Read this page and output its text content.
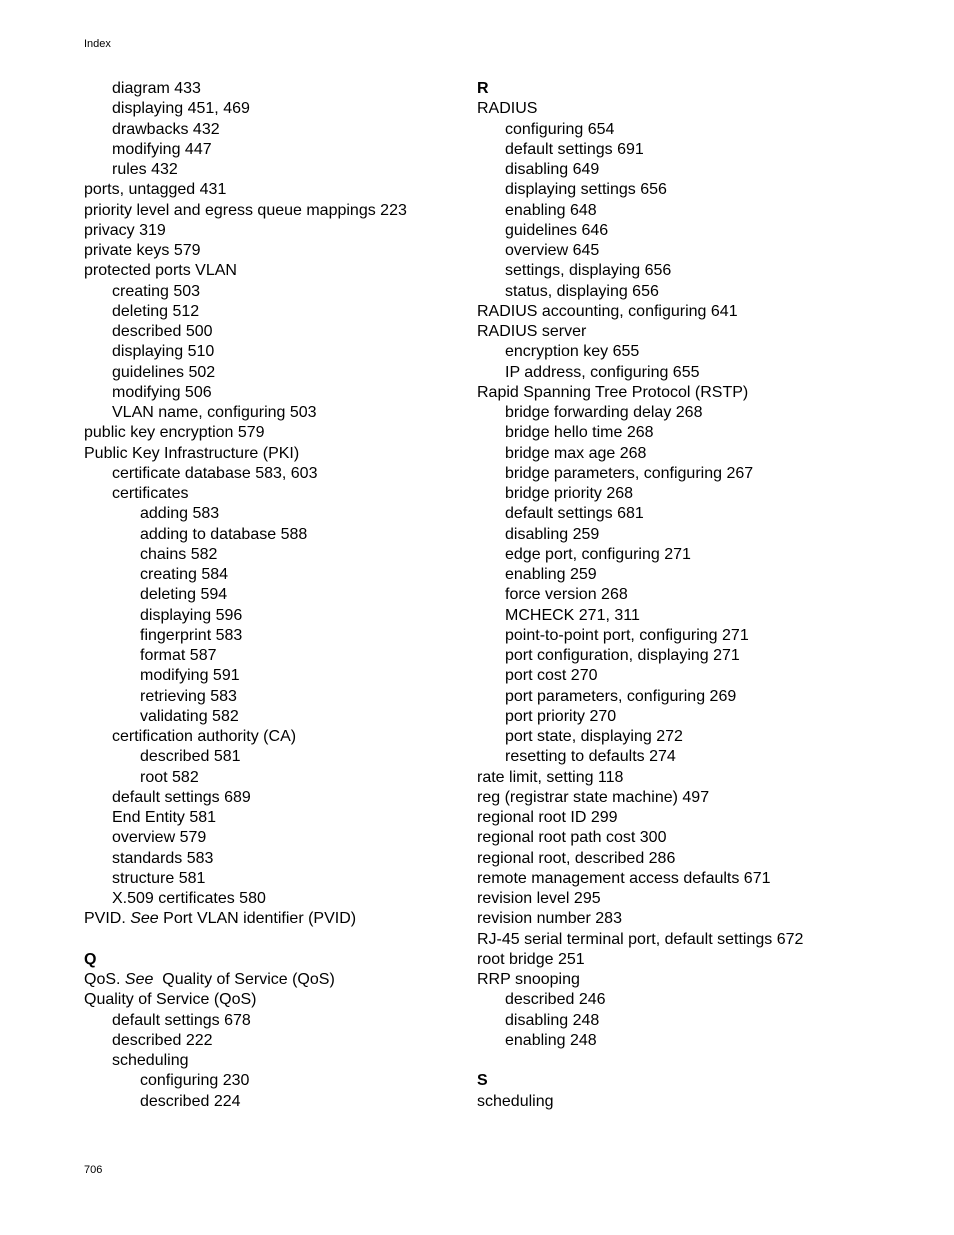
Index
diagram 433
displaying 451, 469
drawbacks 432
modifying 447
rules 432
ports, untagged 431
priority level and egress queue mappings 223
privacy 319
private keys 579
protected ports VLAN
creating 503
deleting 512
described 500
displaying 510
guidelines 502
modifying 506
VLAN name, configuring 503
public key encryption 579
Public Key Infrastructure (PKI)
certificate database 583, 603
certificates
adding 583
adding to database 588
chains 582
creating 584
deleting 594
displaying 596
fingerprint 583
format 587
modifying 591
retrieving 583
validating 582
certification authority (CA)
described 581
root 582
default settings 689
End Entity 581
overview 579
standards 583
structure 581
X.509 certificates 580
PVID. See Port VLAN identifier (PVID)
Q
QoS. See  Quality of Service (QoS)
Quality of Service (QoS)
default settings 678
described 222
scheduling
configuring 230
described 224
R
RADIUS
configuring 654
default settings 691
disabling 649
displaying settings 656
enabling 648
guidelines 646
overview 645
settings, displaying 656
status, displaying 656
RADIUS accounting, configuring 641
RADIUS server
encryption key 655
IP address, configuring 655
Rapid Spanning Tree Protocol (RSTP)
bridge forwarding delay 268
bridge hello time 268
bridge max age 268
bridge parameters, configuring 267
bridge priority 268
default settings 681
disabling 259
edge port, configuring 271
enabling 259
force version 268
MCHECK 271, 311
point-to-point port, configuring 271
port configuration, displaying 271
port cost 270
port parameters, configuring 269
port priority 270
port state, displaying 272
resetting to defaults 274
rate limit, setting 118
reg (registrar state machine) 497
regional root ID 299
regional root path cost 300
regional root, described 286
remote management access defaults 671
revision level 295
revision number 283
RJ-45 serial terminal port, default settings 672
root bridge 251
RRP snooping
described 246
disabling 248
enabling 248
S
scheduling
706
